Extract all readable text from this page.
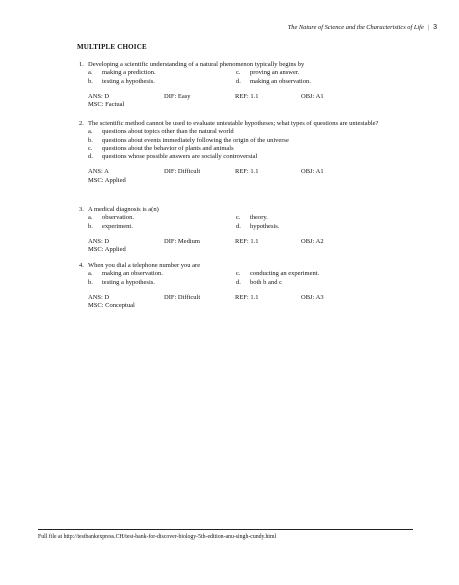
The Nature of Science and the Characteristics of Life | 3
MULTIPLE CHOICE
1. Developing a scientific understanding of a natural phenomenon typically begins by
a.	making a prediction.	c.	proving an answer.
b.	testing a hypothesis.	d.	making an observation.
ANS: D	DIF: Easy	REF: 1.1	OBJ: A1
MSC: Factual
2. The scientific method cannot be used to evaluate untestable hypotheses; what types of questions are untestable?
a.	questions about topics other than the natural world
b.	questions about events immediately following the origin of the universe
c.	questions about the behavior of plants and animals
d.	questions whose possible answers are socially controversial
ANS: A	DIF: Difficult	REF: 1.1	OBJ: A1
MSC: Applied
3. A medical diagnosis is a(n)
a.	observation.	c.	theory.
b.	experiment.	d.	hypothesis.
ANS: D	DIF: Medium	REF: 1.1	OBJ: A2
MSC: Applied
4. When you dial a telephone number you are
a.	making an observation.	c.	conducting an experiment.
b.	testing a hypothesis.	d.	both b and c
ANS: D	DIF: Difficult	REF: 1.1	OBJ: A3
MSC: Conceptual
Full file at http://testbankexpress.CH/test-bank-for-discover-biology-5th-edition-anu-singh-cundy.html
